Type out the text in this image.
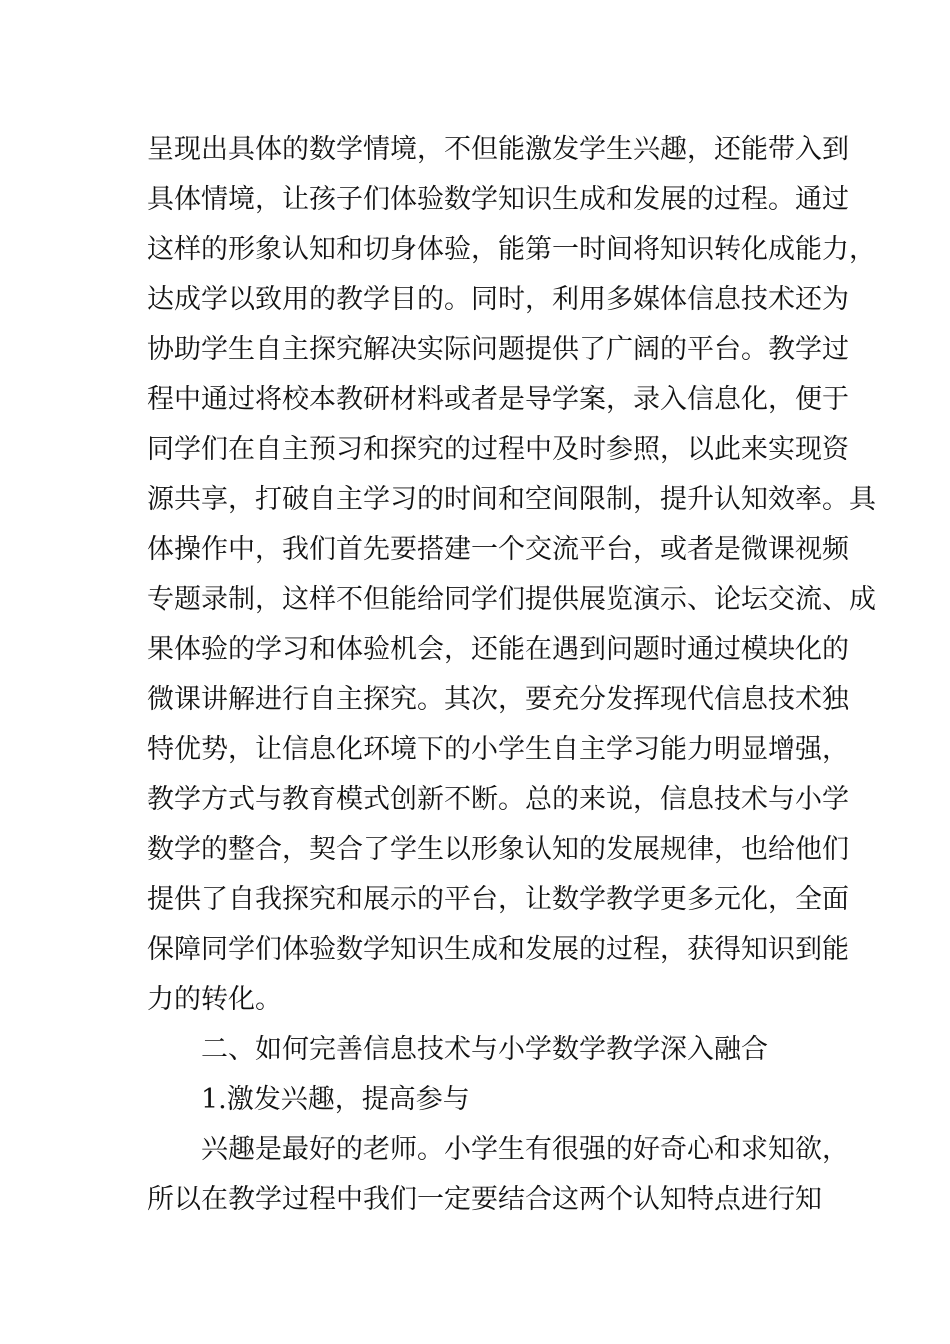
呈现出具体的数学情境，不但能激发学生兴趣，还能带入到
具体情境，让孩子们体验数学知识生成和发展的过程。通过
这样的形象认知和切身体验，能第一时间将知识转化成能力，
达成学以致用的教学目的。同时，利用多媒体信息技术还为
协助学生自主探究解决实际问题提供了广阔的平台。教学过
程中通过将校本教研材料或者是导学案，录入信息化，便于
同学们在自主预习和探究的过程中及时参照，以此来实现资
源共享，打破自主学习的时间和空间限制，提升认知效率。具
体操作中，我们首先要搭建一个交流平台，或者是微课视频
专题录制，这样不但能给同学们提供展览演示、论坛交流、成
果体验的学习和体验机会，还能在遇到问题时通过模块化的
微课讲解进行自主探究。其次，要充分发挥现代信息技术独
特优势，让信息化环境下的小学生自主学习能力明显增强，
教学方式与教育模式创新不断。总的来说，信息技术与小学
数学的整合，契合了学生以形象认知的发展规律，也给他们
提供了自我探究和展示的平台，让数学教学更多元化，全面
保障同学们体验数学知识生成和发展的过程，获得知识到能
力的转化。
二、如何完善信息技术与小学数学教学深入融合
1.激发兴趣，提高参与
兴趣是最好的老师。小学生有很强的好奇心和求知欲，
所以在教学过程中我们一定要结合这两个认知特点进行知
